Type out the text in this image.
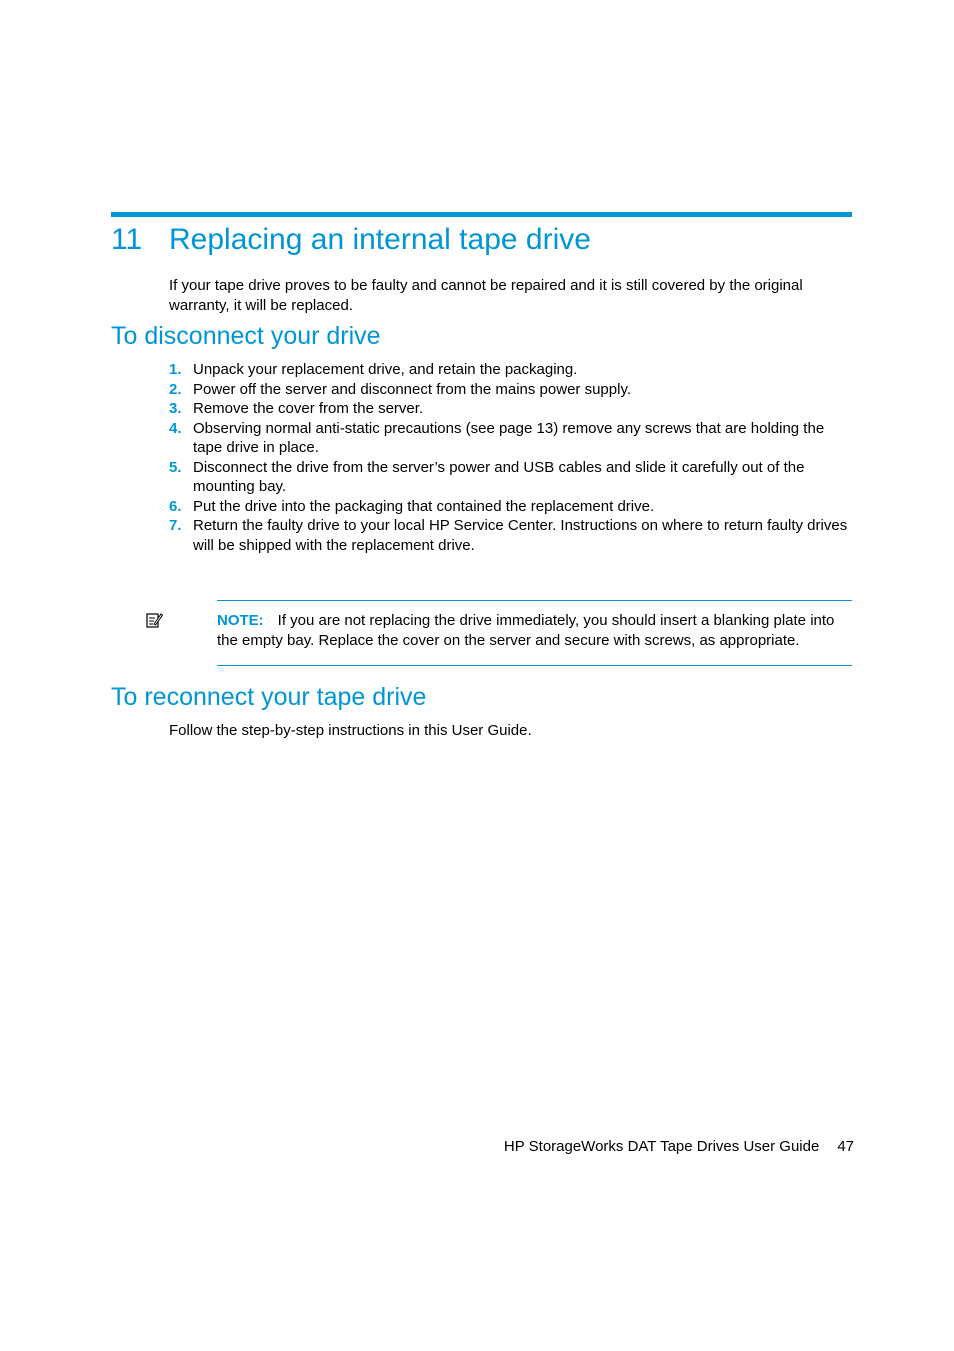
11 Replacing an internal tape drive

If your tape drive proves to be faulty and cannot be repaired and it is still covered by the original warranty, it will be replaced.

To disconnect your drive
1. Unpack your replacement drive, and retain the packaging.
2. Power off the server and disconnect from the mains power supply.
3. Remove the cover from the server.
4. Observing normal anti-static precautions (see page 13) remove any screws that are holding the tape drive in place.
5. Disconnect the drive from the server’s power and USB cables and slide it carefully out of the mounting bay.
6. Put the drive into the packaging that contained the replacement drive.
7. Return the faulty drive to your local HP Service Center. Instructions on where to return faulty drives will be shipped with the replacement drive.

NOTE: If you are not replacing the drive immediately, you should insert a blanking plate into the empty bay. Replace the cover on the server and secure with screws, as appropriate.

To reconnect your tape drive

Follow the step-by-step instructions in this User Guide.

HP StorageWorks DAT Tape Drives User Guide 47
